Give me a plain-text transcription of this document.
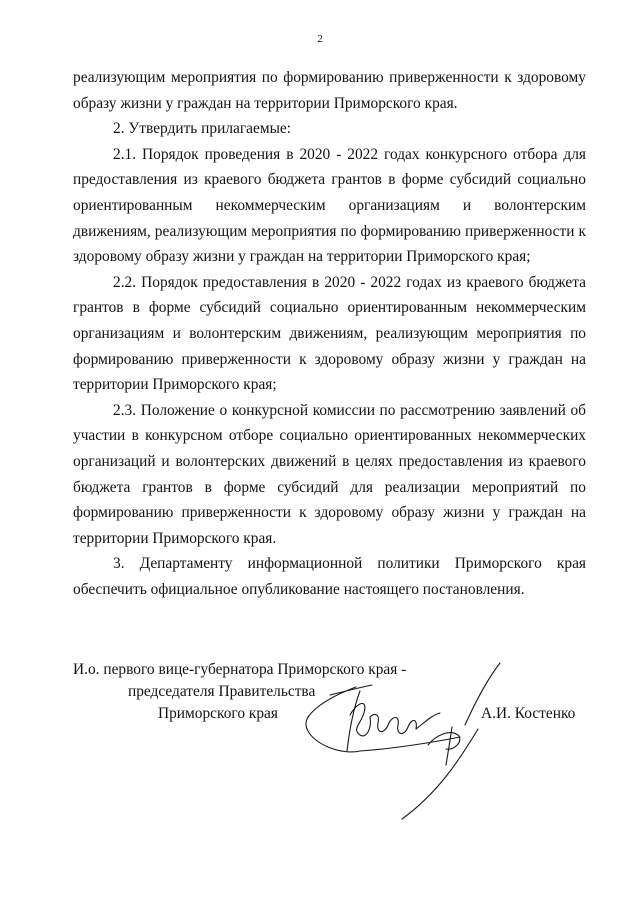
2

реализующим мероприятия по формированию приверженности к здоровому образу жизни у граждан на территории Приморского края.

2. Утвердить прилагаемые:

2.1. Порядок проведения в 2020 - 2022 годах конкурсного отбора для предоставления из краевого бюджета грантов в форме субсидий социально ориентированным некоммерческим организациям и волонтерским движениям, реализующим мероприятия по формированию приверженности к здоровому образу жизни у граждан на территории Приморского края;

2.2. Порядок предоставления в 2020 - 2022 годах из краевого бюджета грантов в форме субсидий социально ориентированным некоммерческим организациям и волонтерским движениям, реализующим мероприятия по формированию приверженности к здоровому образу жизни у граждан на территории Приморского края;

2.3. Положение о конкурсной комиссии по рассмотрению заявлений об участии в конкурсном отборе социально ориентированных некоммерческих организаций и волонтерских движений в целях предоставления из краевого бюджета грантов в форме субсидий для реализации мероприятий по формированию приверженности к здоровому образу жизни у граждан на территории Приморского края.

3. Департаменту информационной политики Приморского края

обеспечить официальное опубликование настоящего постановления.

И.о. первого вице-губернатора Приморского края -
председателя Правительства
Приморского края	А.И. Костенко
